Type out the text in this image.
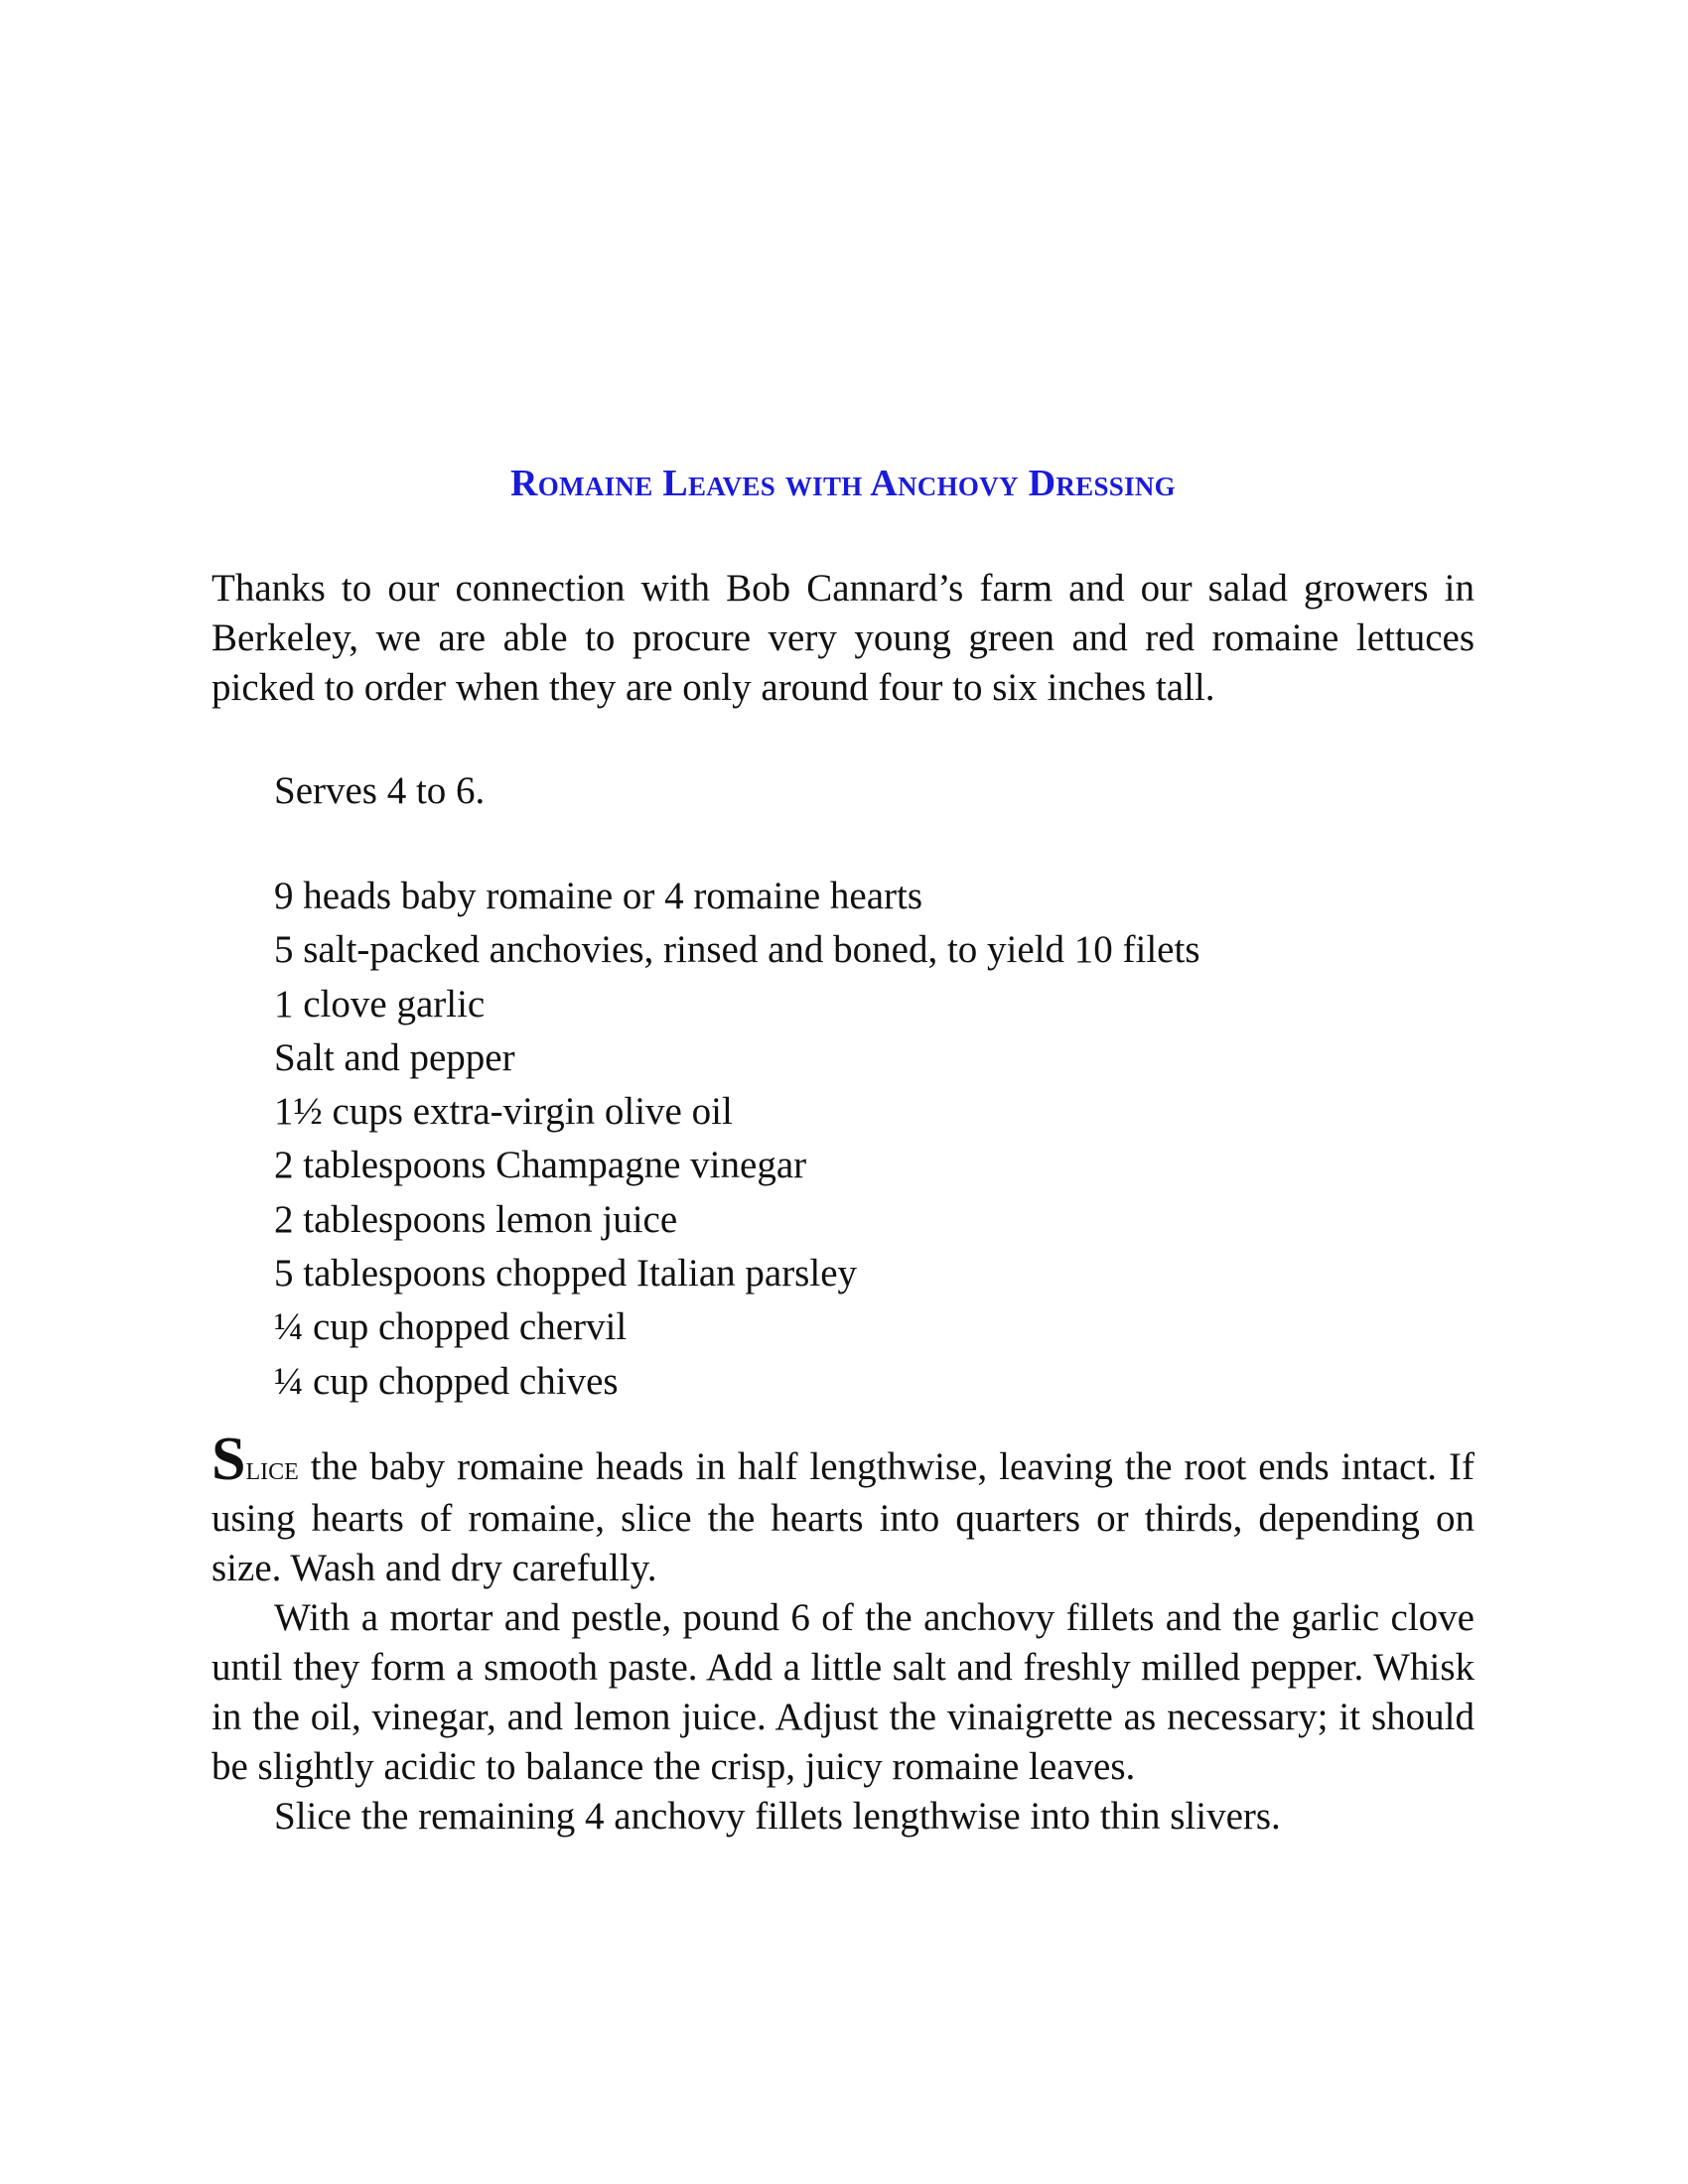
Romaine Leaves with Anchovy Dressing

Thanks to our connection with Bob Cannard’s farm and our salad growers in Berkeley, we are able to procure very young green and red romaine lettuces picked to order when they are only around four to six inches tall.

Serves 4 to 6.

9 heads baby romaine or 4 romaine hearts
5 salt-packed anchovies, rinsed and boned, to yield 10 filets
1 clove garlic
Salt and pepper
1½ cups extra-virgin olive oil
2 tablespoons Champagne vinegar
2 tablespoons lemon juice
5 tablespoons chopped Italian parsley
¼ cup chopped chervil
¼ cup chopped chives

Slice the baby romaine heads in half lengthwise, leaving the root ends intact. If using hearts of romaine, slice the hearts into quarters or thirds, depending on size. Wash and dry carefully.

With a mortar and pestle, pound 6 of the anchovy fillets and the garlic clove until they form a smooth paste. Add a little salt and freshly milled pepper. Whisk in the oil, vinegar, and lemon juice. Adjust the vinaigrette as necessary; it should be slightly acidic to balance the crisp, juicy romaine leaves.

Slice the remaining 4 anchovy fillets lengthwise into thin slivers.
